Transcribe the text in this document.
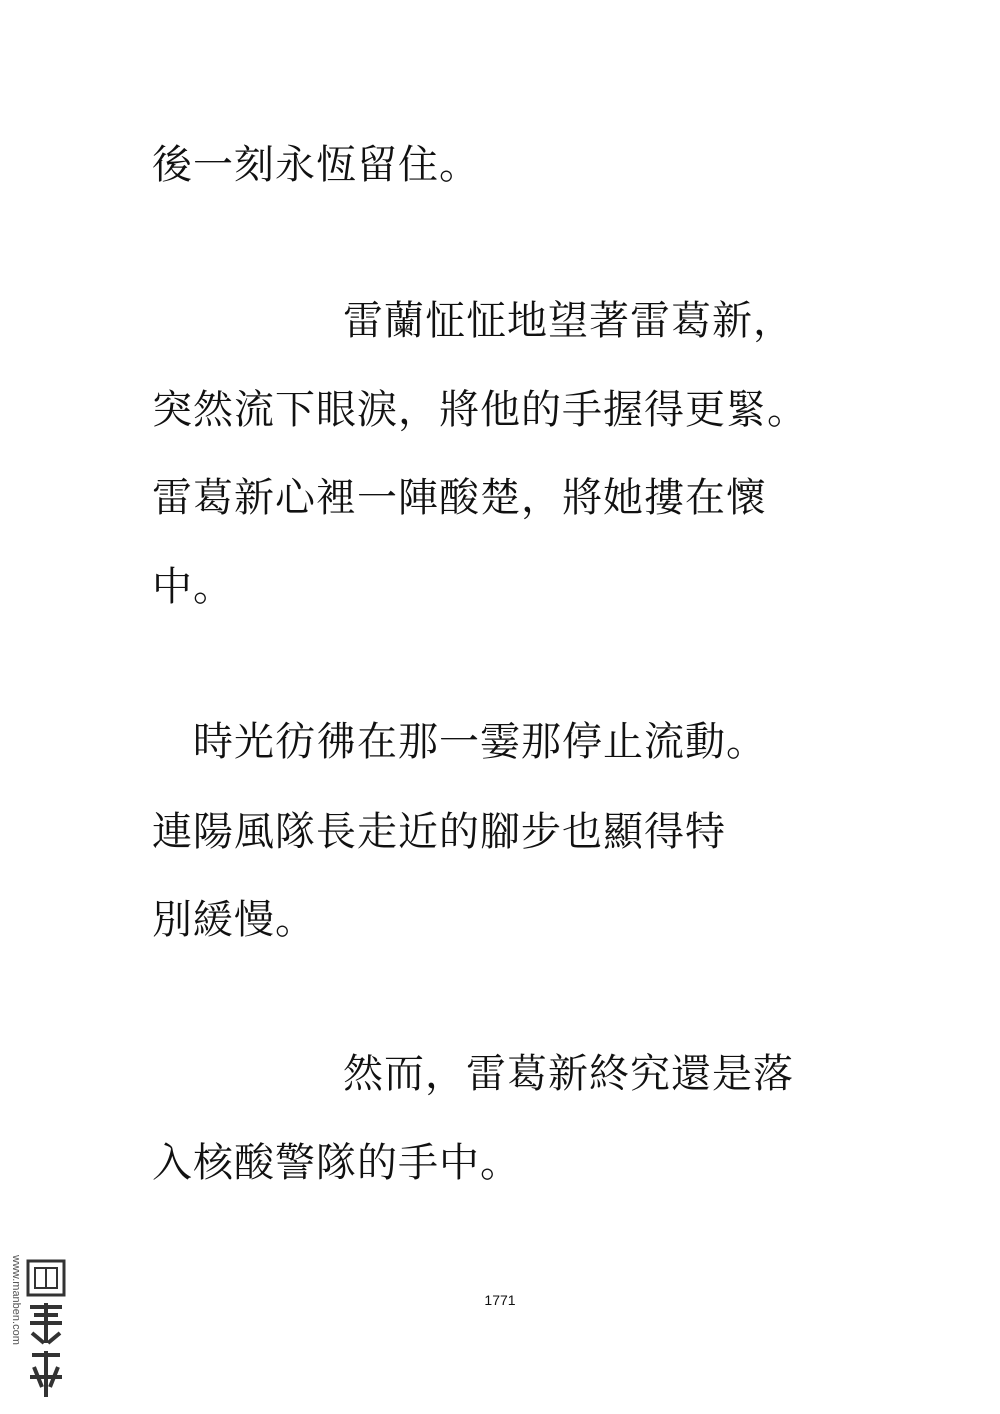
後一刻永恆留住。
雷蘭怔怔地望著雷葛新，
突然流下眼淚，將他的手握得更緊。
雷葛新心裡一陣酸楚，將她摟在懷
中。
時光彷彿在那一霎那停止流動。
連陽風隊長走近的腳步也顯得特
別緩慢。
然而，雷葛新終究還是落
入核酸警隊的手中。
1771
www.manben.com
